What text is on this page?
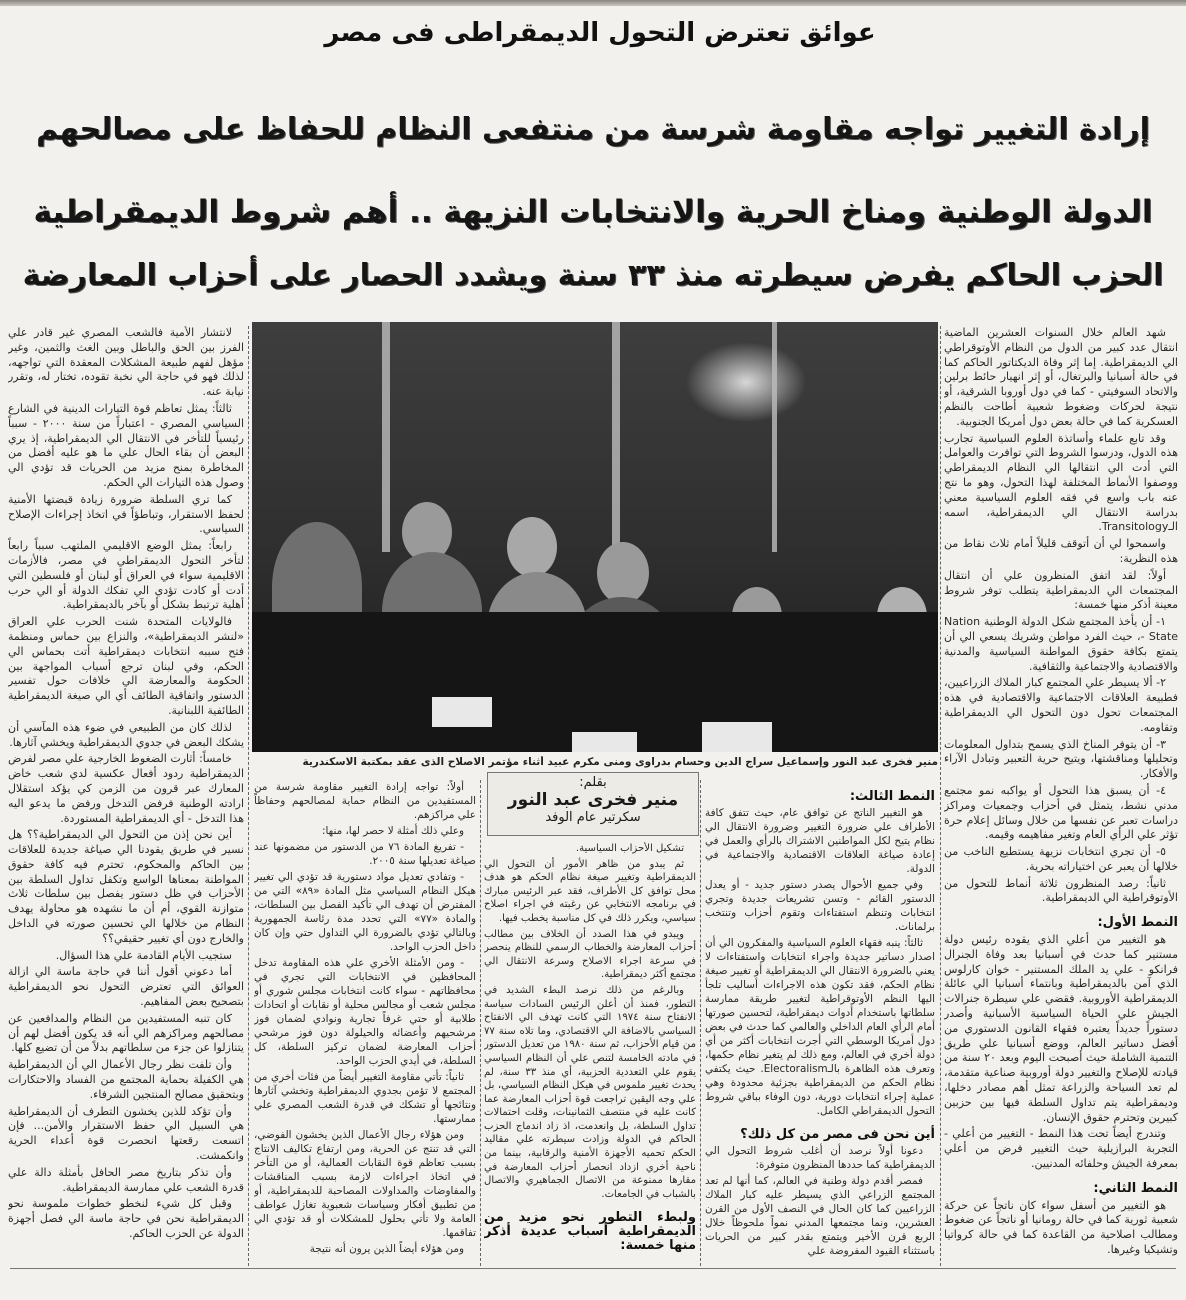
عوائق تعترض التحول الديمقراطى فى مصر
إرادة التغيير تواجه مقاومة شرسة من منتفعى النظام للحفاظ على مصالحهم
الدولة الوطنية ومناخ الحرية والانتخابات النزيهة .. أهم شروط الديمقراطية
الحزب الحاكم يفرض سيطرته منذ ٣٣ سنة ويشدد الحصار على أحزاب المعارضة

لانتشار الأمية فالشعب المصري غير قادر علي الفرز بين الحق والباطل وبين الغث والثمين، وغير مؤهل لفهم طبيعة المشكلات المعقدة التي تواجهه، لذلك فهو في حاجة الي نخبة تقوده، تختار له، وتقرر نيابة عنه.

ثالثاً: يمثل تعاظم قوة التيارات الدينية في الشارع السياسي المصري - اعتباراً من سنة ٢٠٠٠ - سبباً رئيسياً للتأخر في الانتقال الي الديمقراطية، إذ يري البعض أن بقاء الحال علي ما هو عليه أفضل من المخاطرة بمنح مزيد من الحريات قد تؤدي الي وصول هذه التيارات الي الحكم.

كما تري السلطة ضرورة زيادة قبضتها الأمنية لحفظ الاستقرار، وتباطؤاً في اتخاذ إجراءات الإصلاح السياسي.

رابعاً: يمثل الوضع الاقليمي الملتهب سبباً رابعاً لتأخر التحول الديمقراطي في مصر، فالأزمات الاقليمية سواء في العراق أو لبنان أو فلسطين التي أدت أو كادت تؤدي الي تفكك الدولة أو الي حرب أهلية ترتبط بشكل أو بآخر بالديمقراطية.

فالولايات المتحدة شنت الحرب علي العراق «لنشر الديمقراطية»، والنزاع بين حماس ومنظمة فتح سببه انتخابات ديمقراطية أتت بحماس الي الحكم، وفي لبنان ترجع أسباب المواجهة بين الحكومة والمعارضة الي خلافات حول تفسير الدستور واتفاقية الطائف أي الي صيغة الديمقراطية الطائفية اللبنانية.

لذلك كان من الطبيعي في ضوء هذه المآسي أن يشكك البعض في جدوي الديمقراطية ويخشي آثارها.

خامساً: أثارت الضغوط الخارجية علي مصر لفرض الديمقراطية ردود أفعال عكسية لدي شعب خاض المعارك عبر قرون من الزمن كي يؤكد استقلال ارادته الوطنية فرفض التدخل ورفض ما يدعو اليه هذا التدخل - أي الديمقراطية المستوردة.

أين نحن إذن من التحول الي الديمقراطية؟؟ هل نسير في طريق يقودنا الي صياغة جديدة للعلاقات بين الحاكم والمحكوم، تحترم فيه كافة حقوق المواطنة بمعناها الواسع وتكفل تداول السلطة بين الأحزاب في ظل دستور يفصل بين سلطات ثلاث متوازنة القوي، أم أن ما نشهده هو محاولة يهدف النظام من خلالها الي تحسين صورته في الداخل والخارج دون أي تغيير حقيقي؟؟

ستجيب الأيام القادمة علي هذا السؤال.

أما دعوني أقول أننا في حاجة ماسة الي ازالة العوائق التي تعترض التحول نحو الديمقراطية بتصحيح بعض المفاهيم.

كان تنبه المستفيدين من النظام والمدافعين عن مصالحهم ومراكزهم الي أنه قد يكون أفضل لهم أن يتنازلوا عن جزء من سلطاتهم بدلاً من أن تضيع كلها.

وأن تلفت نظر رجال الأعمال الي أن الديمقراطية هي الكفيلة بحماية المجتمع من الفساد والاحتكارات وبتحقيق مصالح المنتجين الشرفاء.

وأن تؤكد للذين يخشون التطرف أن الديمقراطية هي السبيل الي حفظ الاستقرار والأمن... فإن اتسعت رقعتها انحصرت قوة أعداء الحرية وانكمشت.

وأن تذكر بتاريخ مصر الحافل بأمثلة دالة علي قدرة الشعب علي ممارسة الديمقراطية.

وقبل كل شيء لنخطو خطوات ملموسة نحو الديمقراطية نحن في حاجة ماسة الي فصل أجهزة الدولة عن الحزب الحاكم.

منير فخرى عبد النور وإسماعيل سراج الدين وحسام بدراوى ومنى مكرم عبيد أثناء مؤتمر الاصلاح الذى عقد بمكتبة الاسكندرية

شهد العالم خلال السنوات العشرين الماضية انتقال عدد كبير من الدول من النظام الأوتوقراطي الي الديمقراطية. إما إثر وفاة الديكتاتور الحاكم كما في حالة أسبانيا والبرتغال، أو إثر انهيار حائط برلين والاتحاد السوفيتي - كما في دول أوروبا الشرقية، أو نتيجة لحركات وضغوط شعبية أطاحت بالنظم العسكرية كما في حالة بعض دول أمريكا الجنوبية.

وقد تابع علماء وأساتذة العلوم السياسية تجارب هذه الدول، ودرسوا الشروط التي توافرت والعوامل التي أدت الي انتقالها الي النظام الديمقراطي ووصفوا الأنماط المختلفة لهذا التحول، وهو ما نتج عنه باب واسع في فقه العلوم السياسية معني بدراسة الانتقال الي الديمقراطية، اسمه الـTransitology.

واسمحوا لي أن أتوقف قليلاً أمام ثلاث نقاط من هذه النظرية:

أولاً: لقد اتفق المنظرون علي أن انتقال المجتمعات الي الديمقراطية يتطلب توفر شروط معينة أذكر منها خمسة:

١- أن يأخذ المجتمع شكل الدولة الوطنية Nation - State، حيث الفرد مواطن وشريك يسعي الي أن يتمتع بكافة حقوق المواطنة السياسية والمدنية والاقتصادية والاجتماعية والثقافية.

٢- ألا يسيطر علي المجتمع كبار الملاك الزراعيين، فطبيعة العلاقات الاجتماعية والاقتصادية في هذه المجتمعات تحول دون التحول الي الديمقراطية وتقاومه.

٣- أن يتوفر المناخ الذي يسمح بتداول المعلومات وتحليلها ومناقشتها، ويتيح حرية التعبير وتبادل الآراء والأفكار.

٤- أن يسبق هذا التحول أو يواكبه نمو مجتمع مدني نشط، يتمثل في أحزاب وجمعيات ومراكز دراسات تعبر عن نفسها من خلال وسائل إعلام حرة تؤثر علي الرأي العام وتغير مفاهيمه وقيمه.

٥- أن تجري انتخابات نزيهة يستطيع الناخب من خلالها أن يعبر عن اختياراته بحرية.

ثانياً: رصد المنظرون ثلاثة أنماط للتحول من الأوتوقراطية الي الديمقراطية.

النمط الأول:

هو التغيير من أعلي الذي يقوده رئيس دولة مستنير كما حدث في أسبانيا بعد وفاة الجنرال فرانكو - علي يد الملك المستنير - خوان كارلوس الذي آمن بالديمقراطية وبانتماء أسبانيا الي عائلة الديمقراطية الأوروبية. فقضي علي سيطرة جنرالات الجيش علي الحياة السياسية الأسبانية وأصدر دستوراً جديداً يعتبره فقهاء القانون الدستوري من أفضل دساتير العالم، ووضع أسبانيا علي طريق التنمية الشاملة حيث أصبحت اليوم وبعد ٢٠ سنة من قيادته للإصلاح والتغيير دولة أوروبية صناعية متقدمة، لم تعد السياحة والزراعة تمثل أهم مصادر دخلها، وديمقراطية يتم تداول السلطة فيها بين حزبين كبيرين وتحترم حقوق الإنسان.

وتندرج أيضاً تحت هذا النمط - التغيير من أعلي - التجربة البرازيلية حيث التغيير فرض من أعلي بمعرفة الجيش وحلفائه المدنيين.

النمط الثاني:

هو التغيير من أسفل سواء كان ناتجاً عن حركة شعبية ثورية كما في حالة رومانيا أو ناتجاً عن ضغوط ومطالب اصلاحية من القاعدة كما في حالة كرواتيا وتشيكيا وغيرها.

النمط الثالث:

هو التغيير الناتج عن توافق عام، حيث تتفق كافة الأطراف علي ضرورة التغيير وضرورة الانتقال الي نظام يتيح لكل المواطنين الاشتراك بالرأي والعمل في إعادة صياغة العلاقات الاقتصادية والاجتماعية في الدولة.

وفي جميع الأحوال يصدر دستور جديد - أو يعدل الدستور القائم - وتسن تشريعات جديدة وتجري انتخابات وتنظم استفتاءات وتقوم أحزاب وتنتخب برلمانات.

ثالثاً: ينبه فقهاء العلوم السياسية والمفكرون الي أن اصدار دساتير جديدة واجراء انتخابات واستفتاءات لا يعني بالضرورة الانتقال الي الديمقراطية أو تغيير صيغة نظام الحكم، فقد تكون هذه الاجراءات أساليب تلجأ اليها النظم الأوتوقراطية لتغيير طريقة ممارسة سلطاتها باستخدام أدوات ديمقراطية، لتحسين صورتها أمام الرأي العام الداخلي والعالمي كما حدث في بعض دول أمريكا الوسطي التي أجرت انتخابات أكثر من أي دولة أخري في العالم، ومع ذلك لم يتغير نظام حكمها، وتعرف هذه الظاهرة بالـElectoralism. حيث يكتفي نظام الحكم من الديمقراطية بجزئية محدودة وهي عملية إجراء انتخابات دورية، دون الوفاء بباقي شروط التحول الديمقراطي الكامل.

أين نحن فى مصر من كل ذلك؟

دعونا أولاً نرصد أن أغلب شروط التحول الي الديمقراطية كما حددها المنظرون متوفرة:

فمصر أقدم دولة وطنية في العالم، كما أنها لم تعد المجتمع الزراعي الذي يسيطر عليه كبار الملاك الزراعيين كما كان الحال في النصف الأول من القرن العشرين، ونما مجتمعها المدني نمواً ملحوظاً خلال الربع قرن الأخير ويتمتع بقدر كبير من الحريات باستثناء القيود المفروضة علي

بقلم:
منير فخرى عبد النور
سكرتير عام الوفد

تشكيل الأحزاب السياسية.

ثم يبدو من ظاهر الأمور أن التحول الي الديمقراطية وتغيير صيغة نظام الحكم هو هدف محل توافق كل الأطراف، فقد عبر الرئيس مبارك في برنامجه الانتخابي عن رغبته في اجراء اصلاح سياسي، ويكرر ذلك في كل مناسبة يخطب فيها.

ويبدو في هذا الصدد أن الخلاف بين مطالب أحزاب المعارضة والخطاب الرسمي للنظام ينحصر في سرعة اجراء الاصلاح وسرعة الانتقال الي مجتمع أكثر ديمقراطية.

وبالرغم من ذلك نرصد البطء الشديد في التطور، فمنذ أن أعلن الرئيس السادات سياسة الانفتاح سنة ١٩٧٤ التي كانت تهدف الي الانفتاح السياسي بالاضافة الي الاقتصادي، وما تلاه سنة ٧٧ من قيام الأحزاب، ثم سنة ١٩٨٠ من تعديل الدستور في مادته الخامسة لتنص علي أن النظام السياسي يقوم علي التعددية الحزبية، أي منذ ٣٣ سنة، لم يحدث تغيير ملموس في هيكل النظام السياسي، بل علي وجه اليقين تراجعت قوة أحزاب المعارضة عما كانت عليه في منتصف الثمانينات، وقلت احتمالات تداول السلطة، بل وانعدمت، اذ زاد اندماج الحزب الحاكم في الدولة وزادت سيطرته علي مقاليد الحكم تحميه الأجهزة الأمنية والرقابية، بينما من ناحية أخري ازداد انحصار أحزاب المعارضة في مقارها ممنوعة من الاتصال الجماهيري والاتصال بالشباب في الجامعات.

ولبطء التطور نحو مزيد من الديمقراطية أسباب عديدة أذكر منها خمسة:

أولاً: تواجه إرادة التغيير مقاومة شرسة من المستفيدين من النظام حماية لمصالحهم وحفاظاً علي مراكزهم.

وعلي ذلك أمثلة لا حصر لها، منها:

- تفريغ المادة ٧٦ من الدستور من مضمونها عند صياغة تعديلها سنة ٢٠٠٥.

- وتفادي تعديل مواد دستورية قد تؤدي الي تغيير هيكل النظام السياسي مثل المادة «٨٩» التي من المفترض أن تهدف الي تأكيد الفصل بين السلطات، والمادة «٧٧» التي تحدد مدة رئاسة الجمهورية وبالتالي تؤدي بالضرورة الي التداول حتي وإن كان داخل الحزب الواحد.

- ومن الأمثلة الأخري علي هذه المقاومة تدخل المحافظين في الانتخابات التي تجري في محافظاتهم - سواء كانت انتخابات مجلس شوري أو مجلس شعب أو مجالس محلية أو نقابات أو اتحادات طلابية أو حتي غرفاً تجارية ونوادي لضمان فوز مرشحيهم وأعضائه والحيلولة دون فوز مرشحي أحزاب المعارضة لضمان تركيز السلطة، كل السلطة، في أيدي الحزب الواحد.

ثانياً: تأتي مقاومة التغيير أيضاً من فئات أخري من المجتمع لا تؤمن بجدوي الديمقراطية وتخشي آثارها ونتائجها أو تشكك في قدرة الشعب المصري علي ممارستها.

ومن هؤلاء رجال الأعمال الذين يخشون الفوضي، التي قد تنتج عن الحرية، ومن ارتفاع تكاليف الانتاج بسبب تعاظم قوة النقابات العمالية، أو من التأخر في اتخاذ اجراءات لازمة بسبب المناقشات والمفاوضات والمداولات المصاحبة للديمقراطية، أو من تطبيق أفكار وسياسات شعبوية تغازل عواطف العامة ولا تأتي بحلول للمشكلات أو قد تؤدي الي تفاقمها.

ومن هؤلاء أيضاً الذين يرون أنه نتيجة
